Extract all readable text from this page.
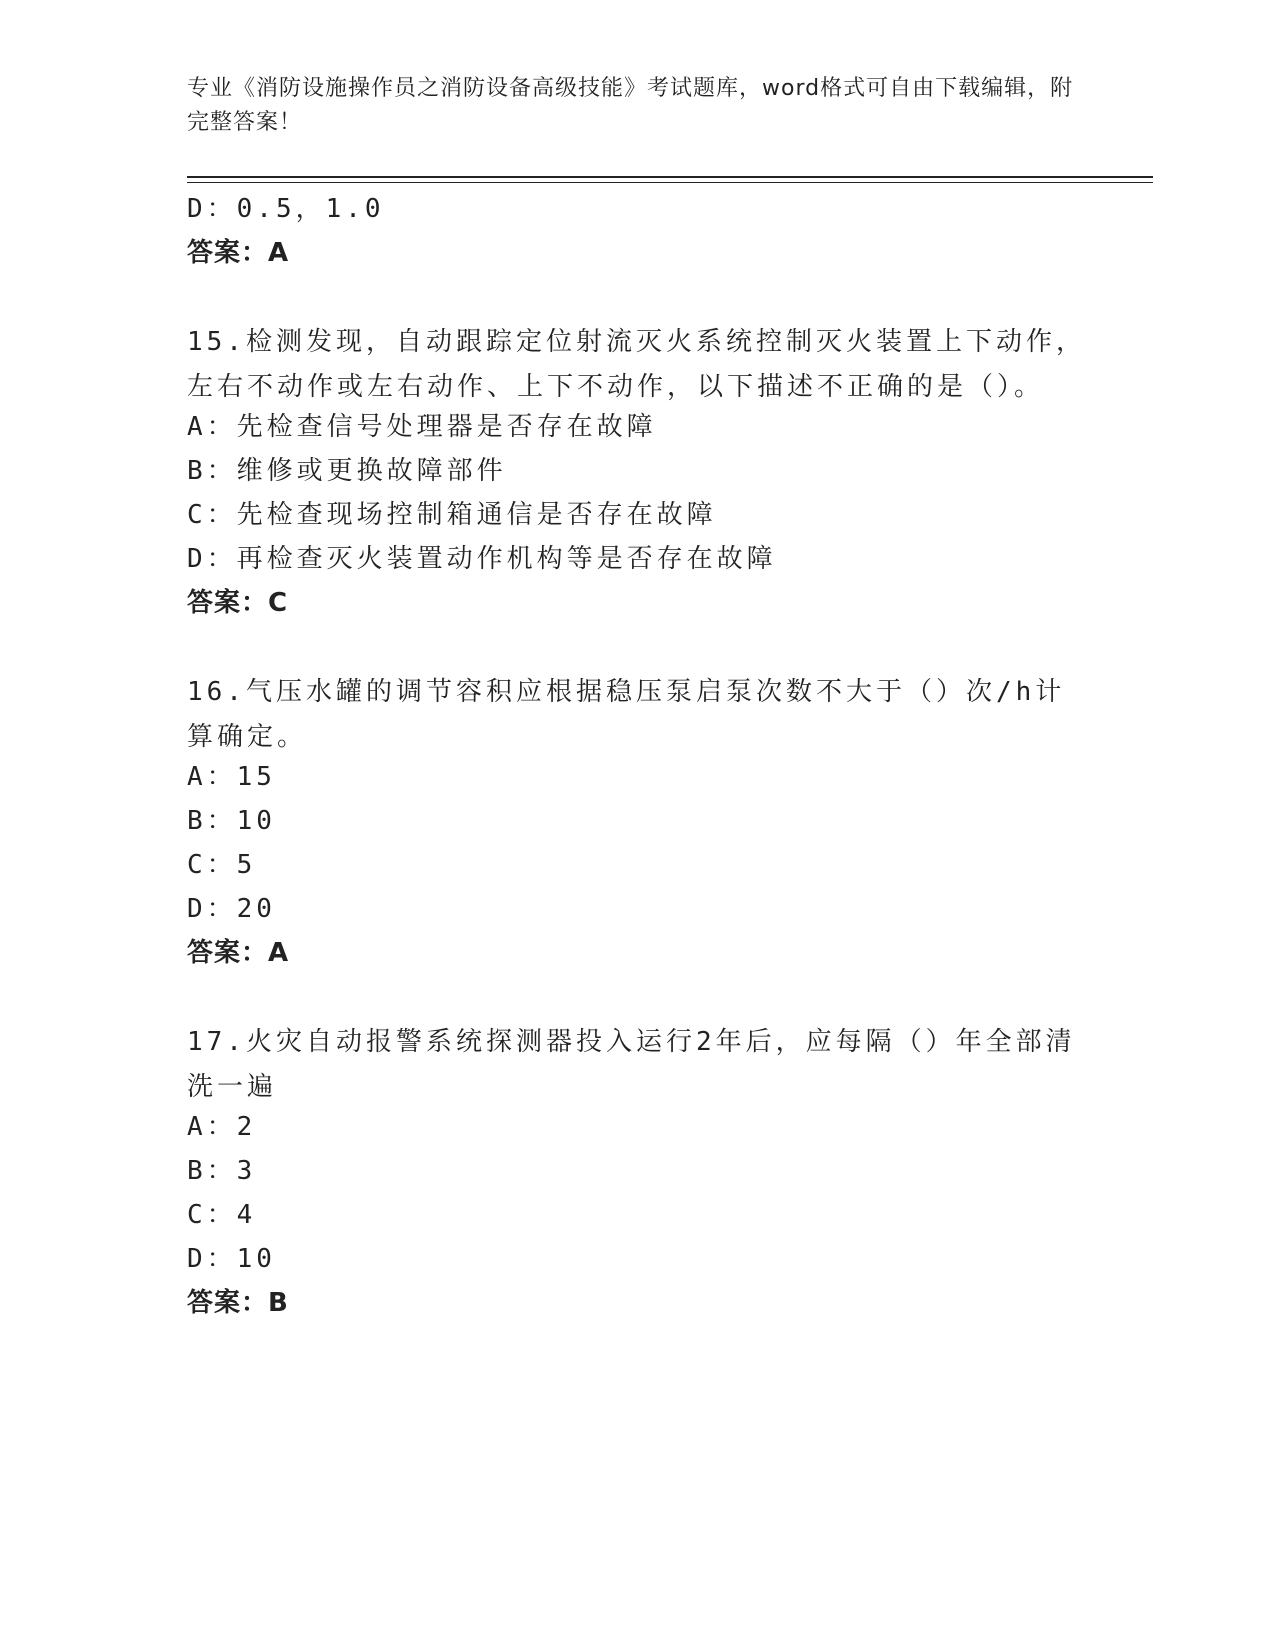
专业《消防设施操作员之消防设备高级技能》考试题库，word格式可自由下载编辑，附完整答案！
D：0.5，1.0
答案：A
15.检测发现，自动跟踪定位射流灭火系统控制灭火装置上下动作，左右不动作或左右动作、上下不动作，以下描述不正确的是（）。
A：先检查信号处理器是否存在故障
B：维修或更换故障部件
C：先检查现场控制箱通信是否存在故障
D：再检查灭火装置动作机构等是否存在故障
答案：C
16.气压水罐的调节容积应根据稳压泵启泵次数不大于（）次/h计算确定。
A：15
B：10
C：5
D：20
答案：A
17.火灾自动报警系统探测器投入运行2年后，应每隔（）年全部清洗一遍
A：2
B：3
C：4
D：10
答案：B
